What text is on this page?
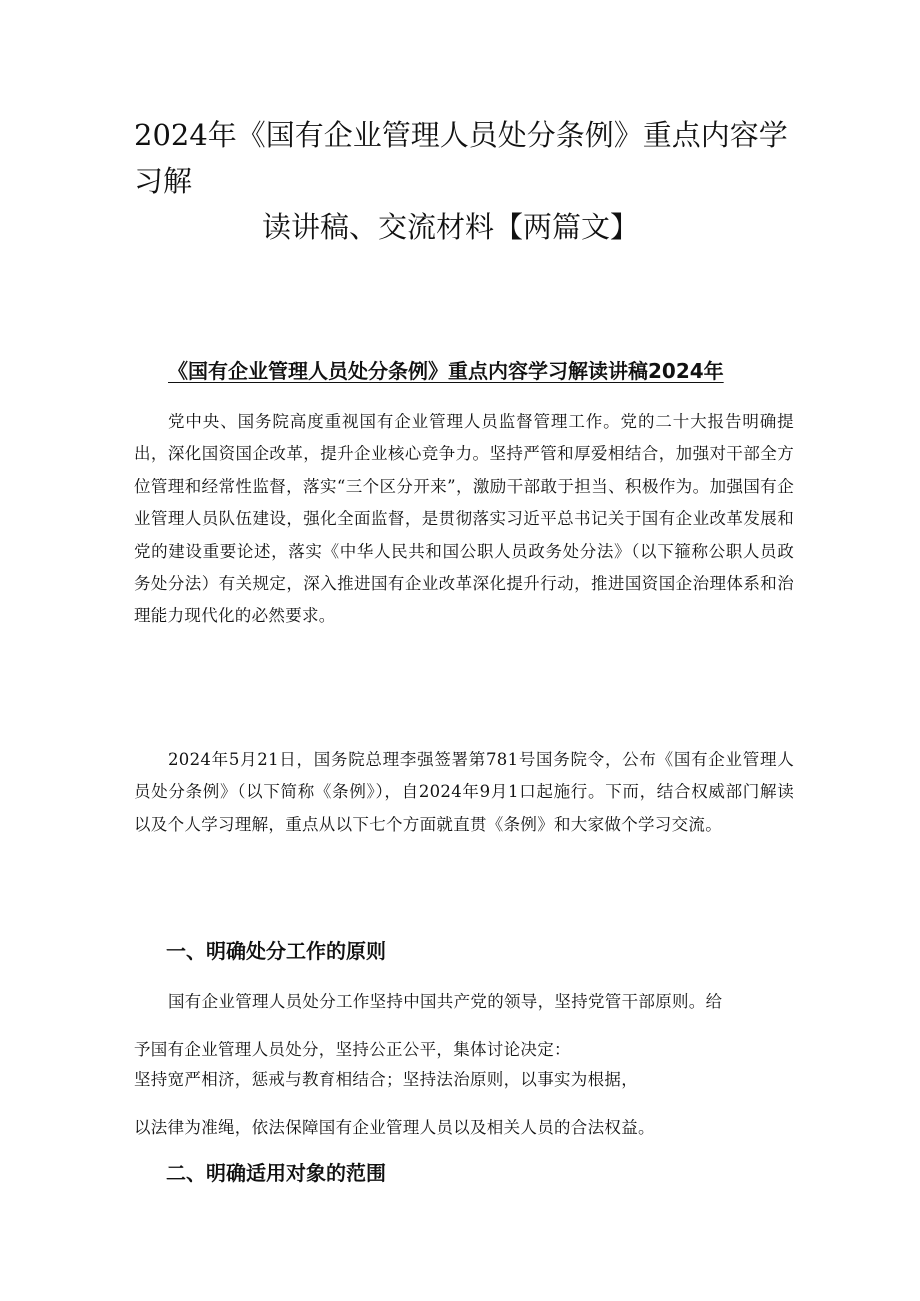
2024年《国有企业管理人员处分条例》重点内容学习解
读讲稿、交流材料【两篇文】
《国有企业管理人员处分条例》重点内容学习解读讲稿2024年

党中央、国务院高度重视国有企业管理人员监督管理工作。党的二十大报告明确提出，深化国资国企改革，提升企业核心竞争力。坚持严管和厚爱相结合，加强对干部全方位管理和经常性监督，落实“三个区分开来”，激励干部敢于担当、积极作为。加强国有企业管理人员队伍建设，强化全面监督，是贯彻落实习近平总书记关于国有企业改革发展和党的建设重要论述，落实《中华人民共和国公职人员政务处分法》（以下箍称公职人员政务处分法）有关规定，深入推进国有企业改革深化提升行动，推进国资国企治理体系和治理能力现代化的必然要求。

2024年5月21日，国务院总理李强签署第781号国务院令，公布《国有企业管理人员处分条例》（以下简称《条例》），自2024年9月1口起施行。下而，结合权威部门解读以及个人学习理解，重点从以下七个方面就直贯《条例》和大家做个学习交流。

一、明确处分工作的原则

国有企业管理人员处分工作坚持中国共产党的领导，坚持党管干部原则。给

予国有企业管理人员处分，坚持公正公平，集体讨论决定：

坚持宽严相济，惩戒与教育相结合；坚持法治原则，以事实为根据，

以法律为准绳，依法保障国有企业管理人员以及相关人员的合法权益。

二、明确适用对象的范围
